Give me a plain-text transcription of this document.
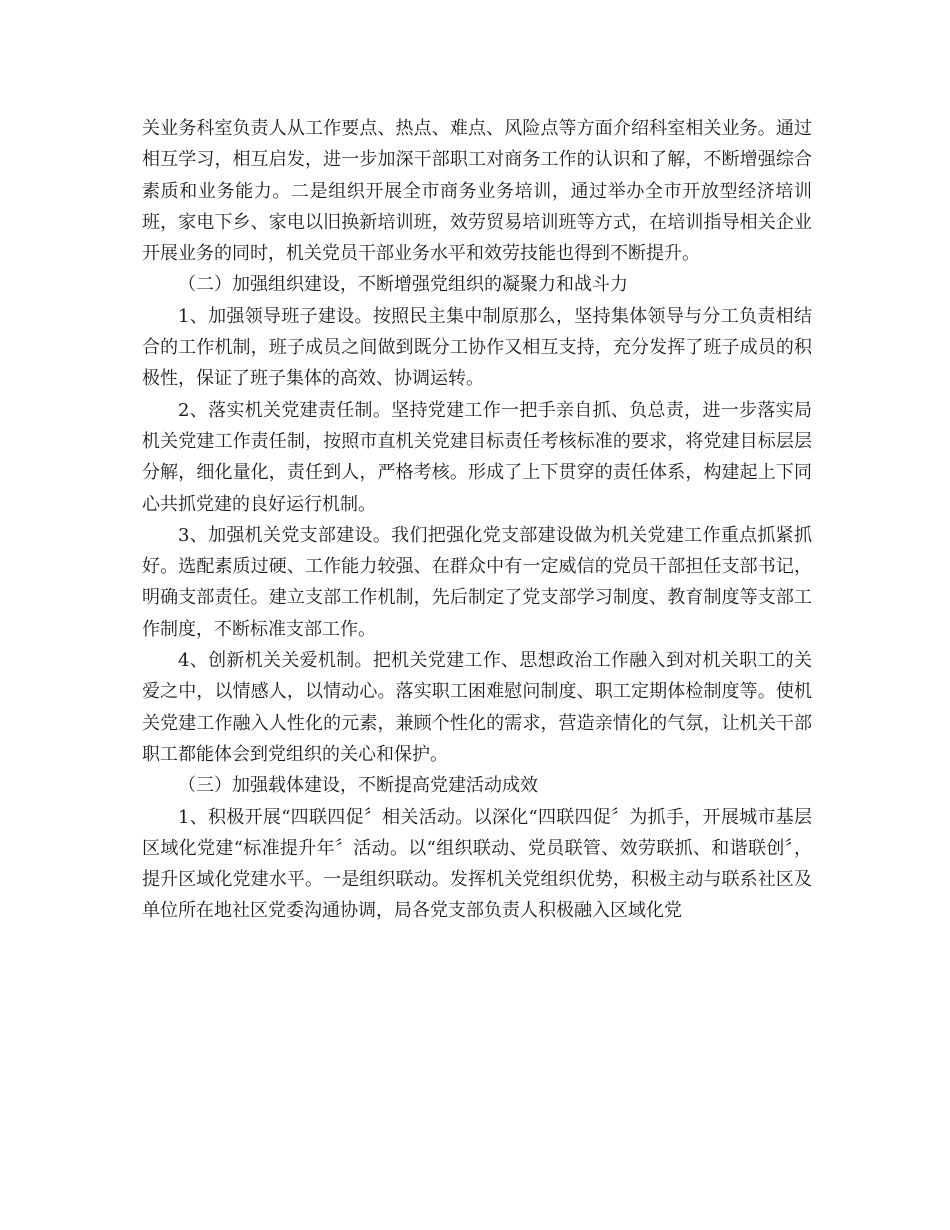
关业务科室负责人从工作要点、热点、难点、风险点等方面介绍科室相关业务。通过相互学习，相互启发，进一步加深干部职工对商务工作的认识和了解，不断增强综合素质和业务能力。二是组织开展全市商务业务培训，通过举办全市开放型经济培训班，家电下乡、家电以旧换新培训班，效劳贸易培训班等方式，在培训指导相关企业开展业务的同时，机关党员干部业务水平和效劳技能也得到不断提升。

（二）加强组织建设，不断增强党组织的凝聚力和战斗力

1、加强领导班子建设。按照民主集中制原那么，坚持集体领导与分工负责相结合的工作机制，班子成员之间做到既分工协作又相互支持，充分发挥了班子成员的积极性，保证了班子集体的高效、协调运转。

2、落实机关党建责任制。坚持党建工作一把手亲自抓、负总责，进一步落实局机关党建工作责任制，按照市直机关党建目标责任考核标准的要求，将党建目标层层分解，细化量化，责任到人，严格考核。形成了上下贯穿的责任体系，构建起上下同心共抓党建的良好运行机制。

3、加强机关党支部建设。我们把强化党支部建设做为机关党建工作重点抓紧抓好。选配素质过硬、工作能力较强、在群众中有一定威信的党员干部担任支部书记，明确支部责任。建立支部工作机制，先后制定了党支部学习制度、教育制度等支部工作制度，不断标准支部工作。

4、创新机关关爱机制。把机关党建工作、思想政治工作融入到对机关职工的关爱之中，以情感人，以情动心。落实职工困难慰问制度、职工定期体检制度等。使机关党建工作融入人性化的元素，兼顾个性化的需求，营造亲情化的气氛，让机关干部职工都能体会到党组织的关心和保护。

（三）加强载体建设，不断提高党建活动成效

1、积极开展“四联四促〞相关活动。以深化“四联四促〞为抓手，开展城市基层区域化党建“标准提升年〞活动。以“组织联动、党员联管、效劳联抓、和谐联创〞，提升区域化党建水平。一是组织联动。发挥机关党组织优势，积极主动与联系社区及单位所在地社区党委沟通协调，局各党支部负责人积极融入区域化党
